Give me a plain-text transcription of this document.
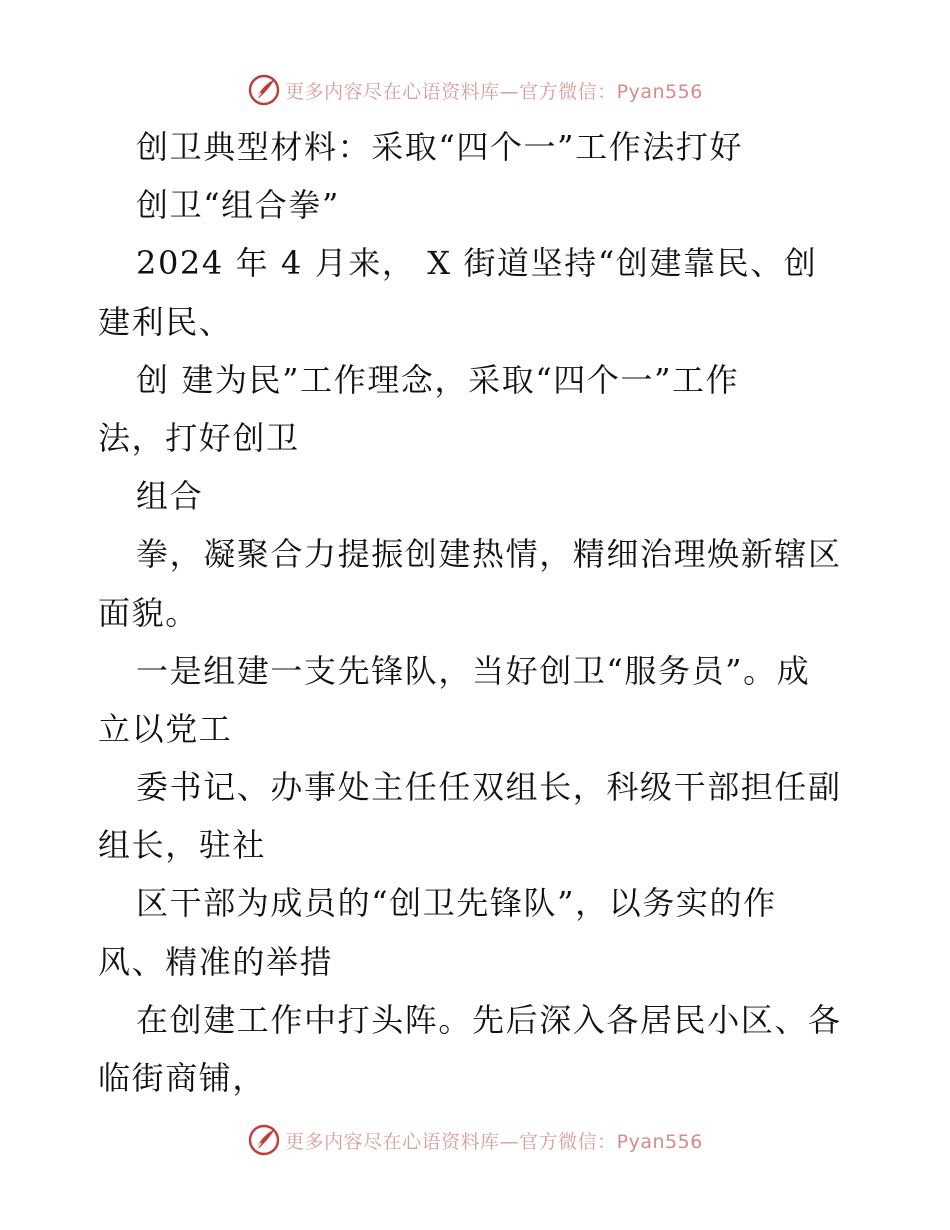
更多内容尽在心语资料库—官方微信：Pyan556
创卫典型材料：采取“四个一”工作法打好
创卫“组合拳”
2024 年 4 月来， X 街道坚持“创建靠民、创
建利民、
创 建为民”工作理念，采取“四个一”工作
法，打好创卫
组合
拳，凝聚合力提振创建热情，精细治理焕新辖区
面貌。
一是组建一支先锋队，当好创卫“服务员”。成
立以党工
委书记、办事处主任任双组长，科级干部担任副
组长，驻社
区干部为成员的“创卫先锋队”，以务实的作
风、精准的举措
在创建工作中打头阵。先后深入各居民小区、各
临街商铺，
更多内容尽在心语资料库—官方微信：Pyan556
